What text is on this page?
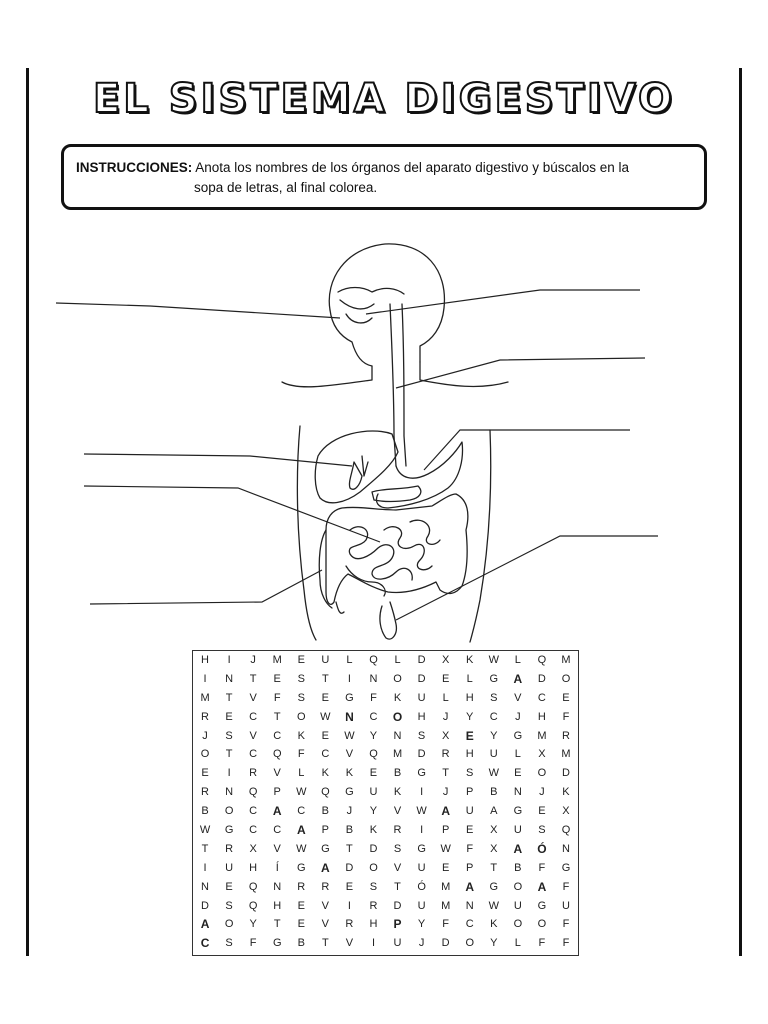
EL SISTEMA DIGESTIVO
INSTRUCCIONES: Anota los nombres de los órganos del aparato digestivo y búscalos en la
sopa de letras, al final colorea.
H	I	J	M	E	U	L	Q	L	D	X	K	W	L	Q	M
I	N	T	E	S	T	I	N	O	D	E	L	G	A	D	O
M	T	V	F	S	E	G	F	K	U	L	H	S	V	C	E
R	E	C	T	O	W	N	C	O	H	J	Y	C	J	H	F
J	S	V	C	K	E	W	Y	N	S	X	E	Y	G	M	R
O	T	C	Q	F	C	V	Q	M	D	R	H	U	L	X	M
E	I	R	V	L	K	K	E	B	G	T	S	W	E	O	D
R	N	Q	P	W	Q	G	U	K	I	J	P	B	N	J	K
B	O	C	A	C	B	J	Y	V	W	A	U	A	G	E	X
W	G	C	C	A	P	B	K	R	I	P	E	X	U	S	Q
T	R	X	V	W	G	T	D	S	G	W	F	X	A	Ó	N
I	U	H	Í	G	A	D	O	V	U	E	P	T	B	F	G
N	E	Q	N	R	R	E	S	T	Ó	M	A	G	O	A	F
D	S	Q	H	E	V	I	R	D	U	M	N	W	U	G	U
A	O	Y	T	E	V	R	H	P	Y	F	C	K	O	O	F
C	S	F	G	B	T	V	I	U	J	D	O	Y	L	F	F
